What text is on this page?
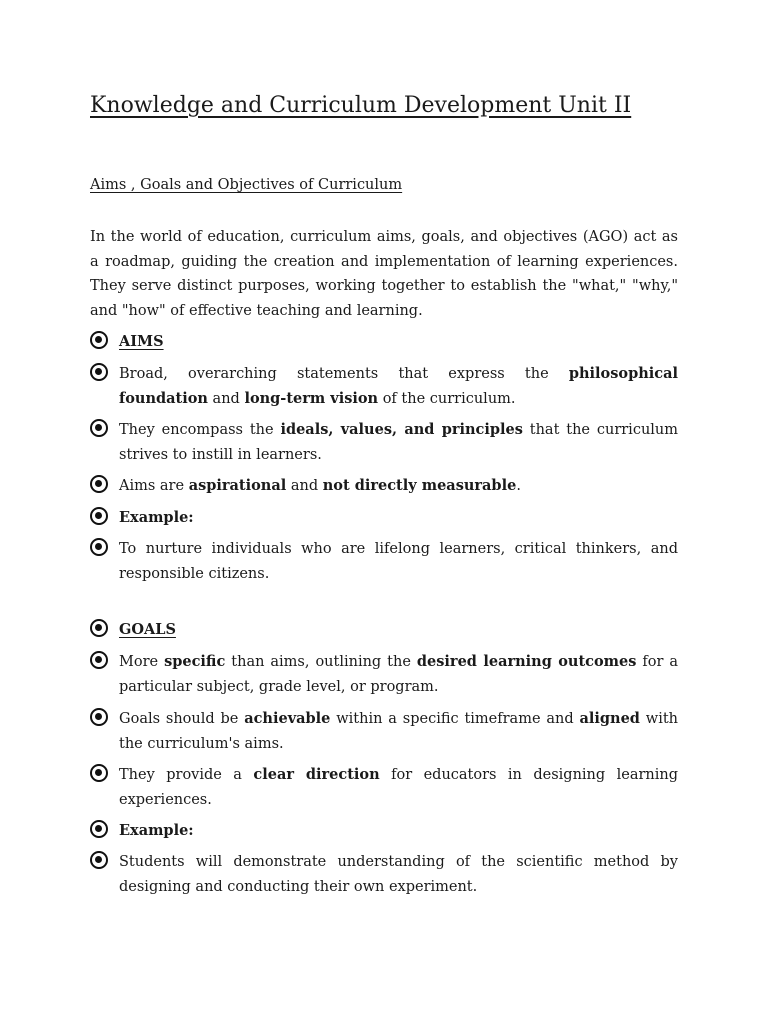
Knowledge and Curriculum Development Unit II
Aims , Goals and Objectives of Curriculum

In the world of education, curriculum aims, goals, and objectives (AGO) act as a roadmap, guiding the creation and implementation of learning experiences. They serve distinct purposes, working together to establish the "what," "why," and "how" of effective teaching and learning.

AIMS

Broad, overarching statements that express the philosophical foundation and long-term vision of the curriculum.

They encompass the ideals, values, and principles that the curriculum strives to instill in learners.

Aims are aspirational and not directly measurable.

Example:

To nurture individuals who are lifelong learners, critical thinkers, and responsible citizens.

GOALS

More specific than aims, outlining the desired learning outcomes for a particular subject, grade level, or program.

Goals should be achievable within a specific timeframe and aligned with the curriculum's aims.

They provide a clear direction for educators in designing learning experiences.

Example:

Students will demonstrate understanding of the scientific method by designing and conducting their own experiment.
